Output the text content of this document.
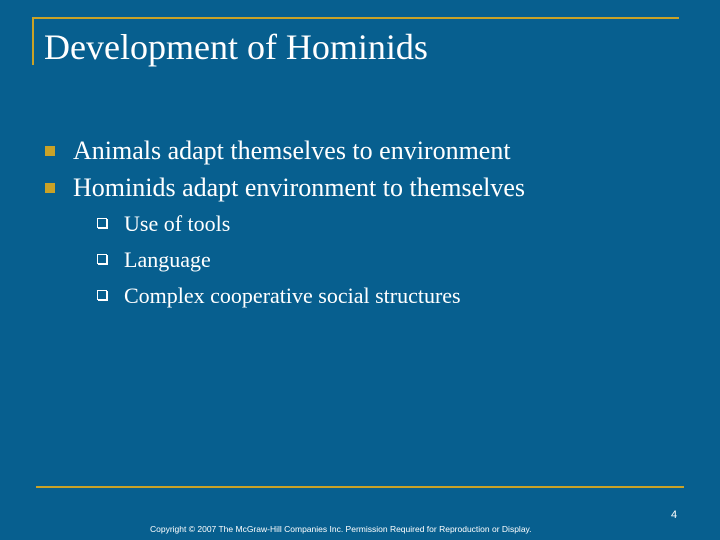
Development of Hominids
Animals adapt themselves to environment
Hominids adapt environment to themselves
Use of tools
Language
Complex cooperative social structures
4
Copyright © 2007 The McGraw-Hill Companies Inc. Permission Required for Reproduction or Display.
